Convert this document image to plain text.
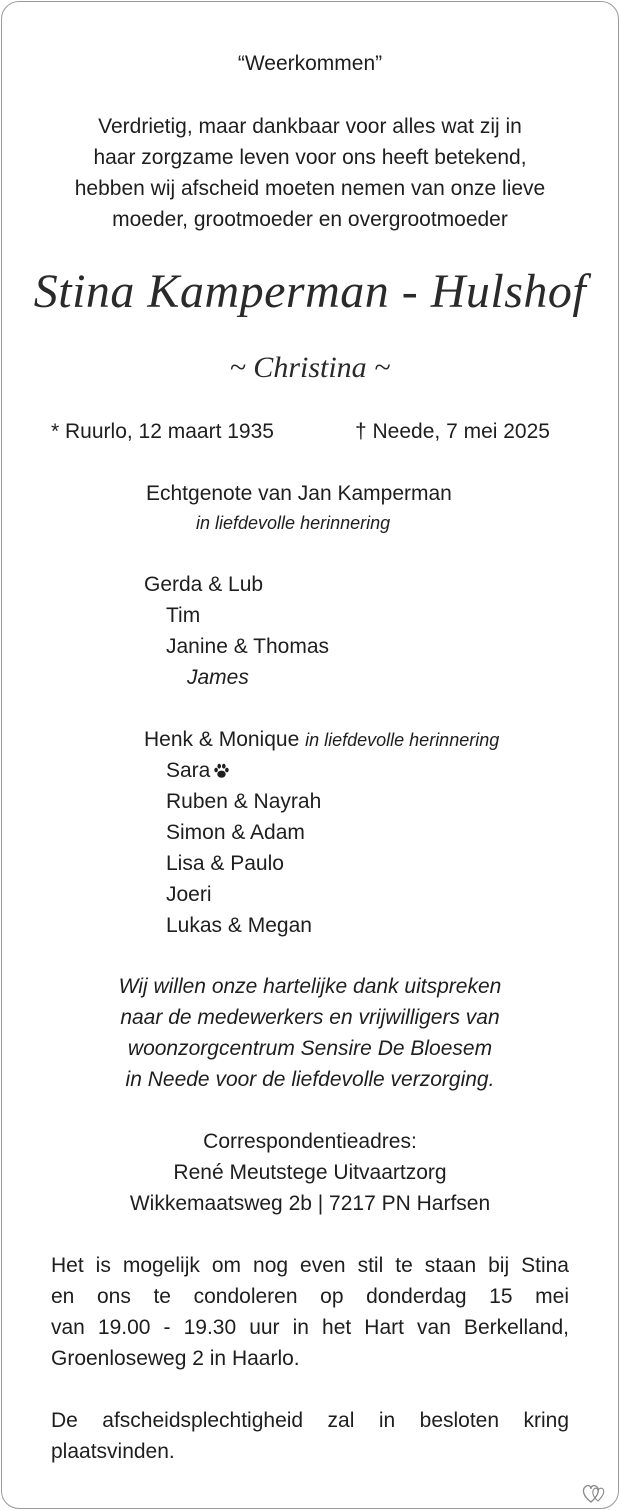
“Weerkommen”
Verdrietig, maar dankbaar voor alles wat zij in
haar zorgzame leven voor ons heeft betekend,
hebben wij afscheid moeten nemen van onze lieve
moeder, grootmoeder en overgrootmoeder
Stina Kamperman - Hulshof
~ Christina ~
* Ruurlo, 12 maart 1935	† Neede, 7 mei 2025
Echtgenote van Jan Kamperman
in liefdevolle herinnering
Gerda & Lub
Tim
Janine & Thomas
James
Henk & Monique in liefdevolle herinnering
Sara
Ruben & Nayrah
Simon & Adam
Lisa & Paulo
Joeri
Lukas & Megan
Wij willen onze hartelijke dank uitspreken
naar de medewerkers en vrijwilligers van
woonzorgcentrum Sensire De Bloesem
in Neede voor de liefdevolle verzorging.
Correspondentieadres:
René Meutstege Uitvaartzorg
Wikkemaatsweg 2b | 7217 PN Harfsen
Het is mogelijk om nog even stil te staan bij Stina
en ons te condoleren op donderdag 15 mei
van 19.00 - 19.30 uur in het Hart van Berkelland,
Groenloseweg 2 in Haarlo.
De afscheidsplechtigheid zal in besloten kring
plaatsvinden.
